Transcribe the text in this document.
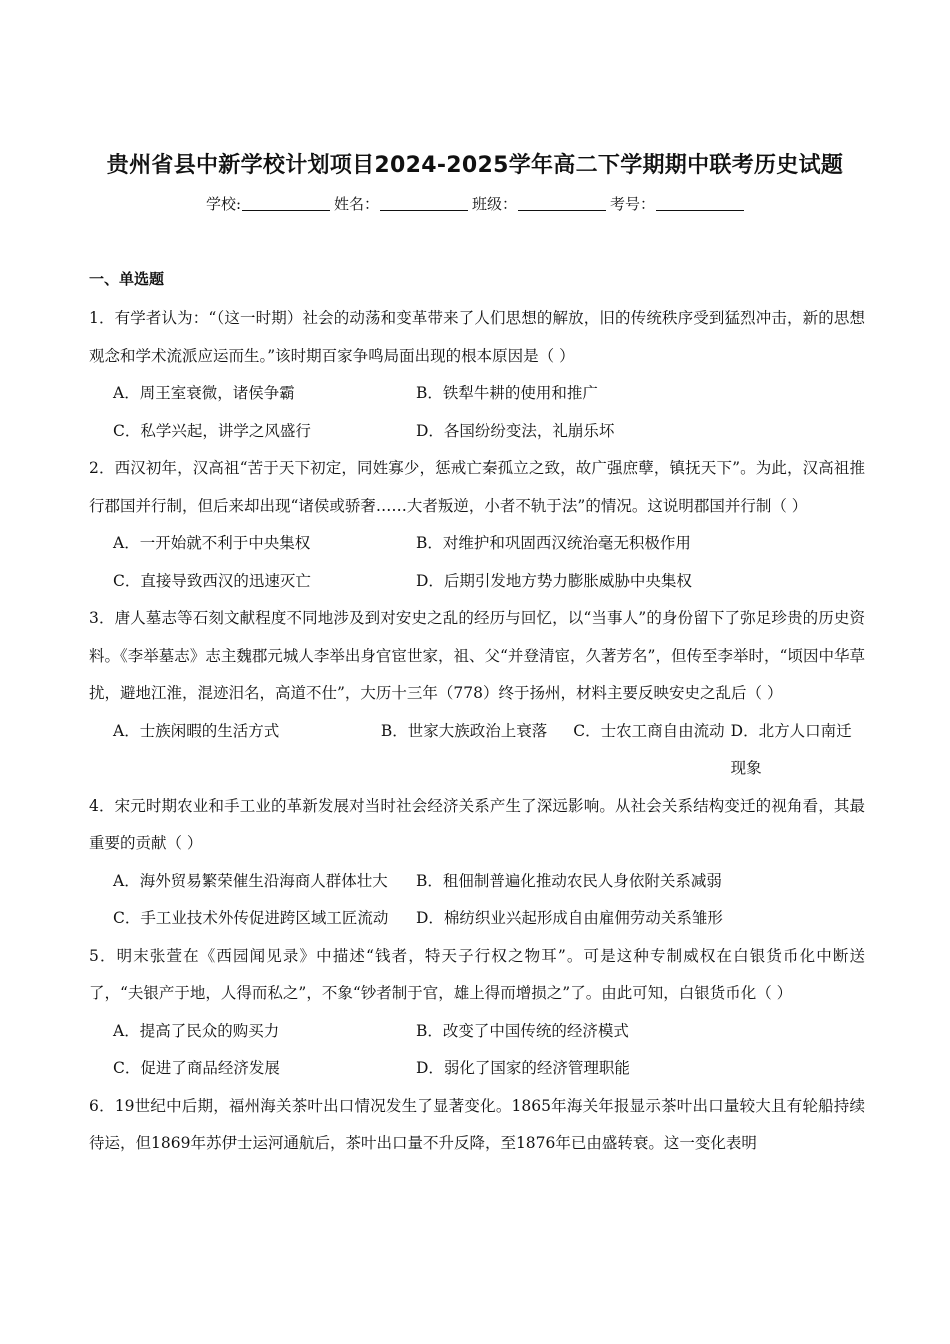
贵州省县中新学校计划项目2024-2025学年高二下学期期中联考历史试题
学校:	姓名：	班级：	考号：
一、单选题
1．有学者认为：“（这一时期）社会的动荡和变革带来了人们思想的解放，旧的传统秩序受到猛烈冲击，新的思想观念和学术流派应运而生。”该时期百家争鸣局面出现的根本原因是（ ）
A．周王室衰微，诸侯争霸	B．铁犁牛耕的使用和推广
C．私学兴起，讲学之风盛行	D．各国纷纷变法，礼崩乐坏
2．西汉初年，汉高祖“苦于天下初定，同姓寡少，惩戒亡秦孤立之致，故广强庶孽，镇抚天下”。为此，汉高祖推行郡国并行制，但后来却出现“诸侯或骄奢……大者叛逆，小者不轨于法”的情况。这说明郡国并行制（ ）
A．一开始就不利于中央集权	B．对维护和巩固西汉统治毫无积极作用
C．直接导致西汉的迅速灭亡	D．后期引发地方势力膨胀威胁中央集权
3．唐人墓志等石刻文献程度不同地涉及到对安史之乱的经历与回忆，以“当事人”的身份留下了弥足珍贵的历史资料。《李举墓志》志主魏郡元城人李举出身官宦世家，祖、父“并登清宦，久著芳名”，但传至李举时，“顷因中华草扰，避地江淮，混迹汨名，高道不仕”，大历十三年（778）终于扬州，材料主要反映安史之乱后（ ）
A．士族闲暇的生活方式	B．世家大族政治上衰落 C．士农工商自由流动 D．北方人口南迁现象
4．宋元时期农业和手工业的革新发展对当时社会经济关系产生了深远影响。从社会关系结构变迁的视角看，其最重要的贡献（ ）
A．海外贸易繁荣催生沿海商人群体壮大	B．租佃制普遍化推动农民人身依附关系减弱
C．手工业技术外传促进跨区域工匠流动	D．棉纺织业兴起形成自由雇佣劳动关系雏形
5．明末张萱在《西园闻见录》中描述“钱者，特天子行权之物耳”。可是这种专制威权在白银货币化中断送了，“夫银产于地，人得而私之”，不象“钞者制于官，雄上得而增损之”了。由此可知，白银货币化（ ）
A．提高了民众的购买力	B．改变了中国传统的经济模式
C．促进了商品经济发展	D．弱化了国家的经济管理职能
6．19世纪中后期，福州海关茶叶出口情况发生了显著变化。1865年海关年报显示茶叶出口量较大且有轮船持续待运，但1869年苏伊士运河通航后，茶叶出口量不升反降，至1876年已由盛转衰。这一变化表明
